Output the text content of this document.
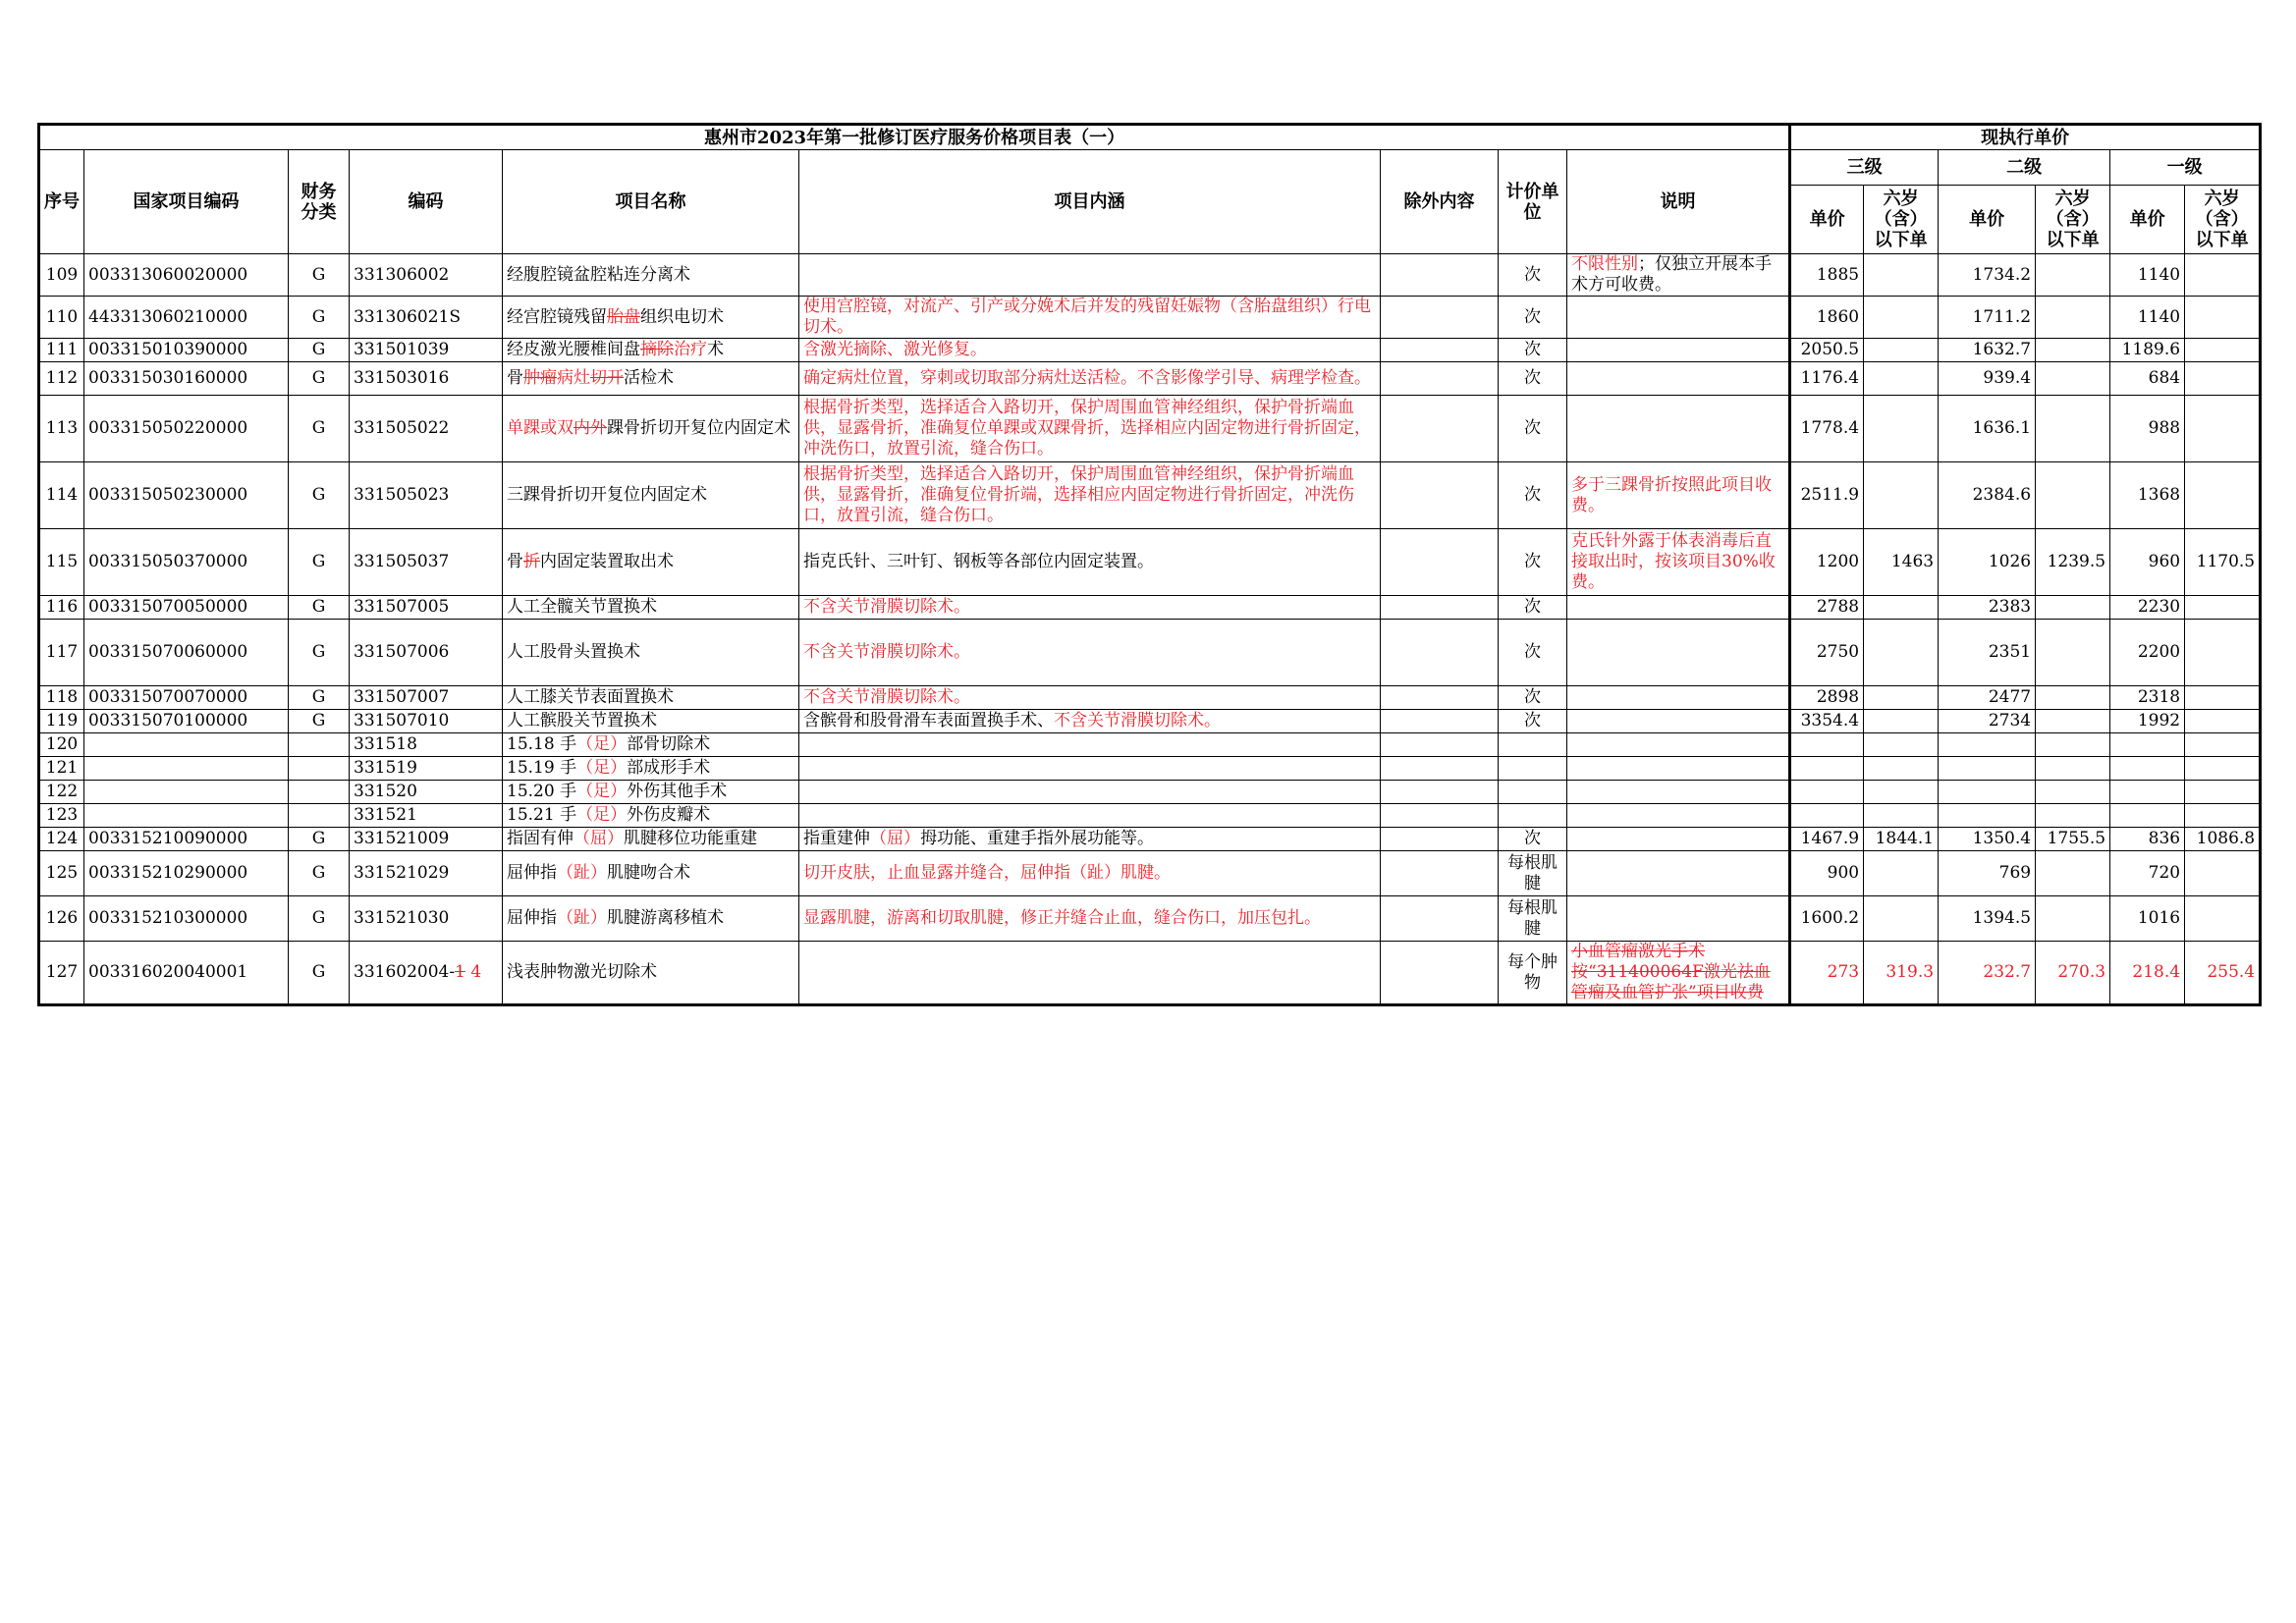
惠州市2023年第一批修订医疗服务价格项目表（一）									现执行单价					
序号	国家项目编码	财务分类	编码	项目名称	项目内涵	除外内容	计价单位	说明	三级		二级		一级	
									单价	六岁（含）以下单	单价	六岁（含）以下单	单价	六岁（含）以下单
109	003313060020000	G	331306002	经腹腔镜盆腔粘连分离术			次	不限性别；仅独立开展本手术方可收费。	1885		1734.2		1140	
110	443313060210000	G	331306021S	经宫腔镜残留胎盘组织电切术	使用宫腔镜，对流产、引产或分娩术后并发的残留妊娠物（含胎盘组织）行电切术。		次		1860		1711.2		1140	
111	003315010390000	G	331501039	经皮激光腰椎间盘摘除治疗术	含激光摘除、激光修复。		次		2050.5		1632.7		1189.6	
112	003315030160000	G	331503016	骨肿瘤病灶切开活检术	确定病灶位置，穿刺或切取部分病灶送活检。不含影像学引导、病理学检查。		次		1176.4		939.4		684	
113	003315050220000	G	331505022	单踝或双内外踝骨折切开复位内固定术	根据骨折类型，选择适合入路切开，保护周围血管神经组织，保护骨折端血供，显露骨折，准确复位单踝或双踝骨折，选择相应内固定物进行骨折固定，冲洗伤口，放置引流，缝合伤口。		次		1778.4		1636.1		988	
114	003315050230000	G	331505023	三踝骨折切开复位内固定术	根据骨折类型，选择适合入路切开，保护周围血管神经组织，保护骨折端血供，显露骨折，准确复位骨折端，选择相应内固定物进行骨折固定，冲洗伤口，放置引流，缝合伤口。		次	多于三踝骨折按照此项目收费。	2511.9		2384.6		1368	
115	003315050370000	G	331505037	骨折内固定装置取出术	指克氏针、三叶钉、钢板等各部位内固定装置。		次	克氏针外露于体表消毒后直接取出时，按该项目30%收费。	1200	1463	1026	1239.5	960	1170.5
116	003315070050000	G	331507005	人工全髋关节置换术	不含关节滑膜切除术。		次		2788		2383		2230	
117	003315070060000	G	331507006	人工股骨头置换术	不含关节滑膜切除术。		次		2750		2351		2200	
118	003315070070000	G	331507007	人工膝关节表面置换术	不含关节滑膜切除术。		次		2898		2477		2318	
119	003315070100000	G	331507010	人工髌股关节置换术	含髌骨和股骨滑车表面置换手术、不含关节滑膜切除术。		次		3354.4		2734		1992	
120			331518	15.18 手（足）部骨切除术										
121			331519	15.19 手（足）部成形手术										
122			331520	15.20 手（足）外伤其他手术										
123			331521	15.21 手（足）外伤皮瓣术										
124	003315210090000	G	331521009	指固有伸（屈）肌腱移位功能重建	指重建伸（屈）拇功能、重建手指外展功能等。		次		1467.9	1844.1	1350.4	1755.5	836	1086.8
125	003315210290000	G	331521029	屈伸指（趾）肌腱吻合术	切开皮肤，止血显露并缝合，屈伸指（趾）肌腱。		每根肌腱		900		769		720	
126	003315210300000	G	331521030	屈伸指（趾）肌腱游离移植术	显露肌腱，游离和切取肌腱，修正并缝合止血，缝合伤口，加压包扎。		每根肌腱		1600.2		1394.5		1016	
127	003316020040001	G	331602004-1 4	浅表肿物激光切除术			每个肿物	小血管瘤激光手术按“311400064F激光祛血管瘤及血管扩张”项目收费	273	319.3	232.7	270.3	218.4	255.4
